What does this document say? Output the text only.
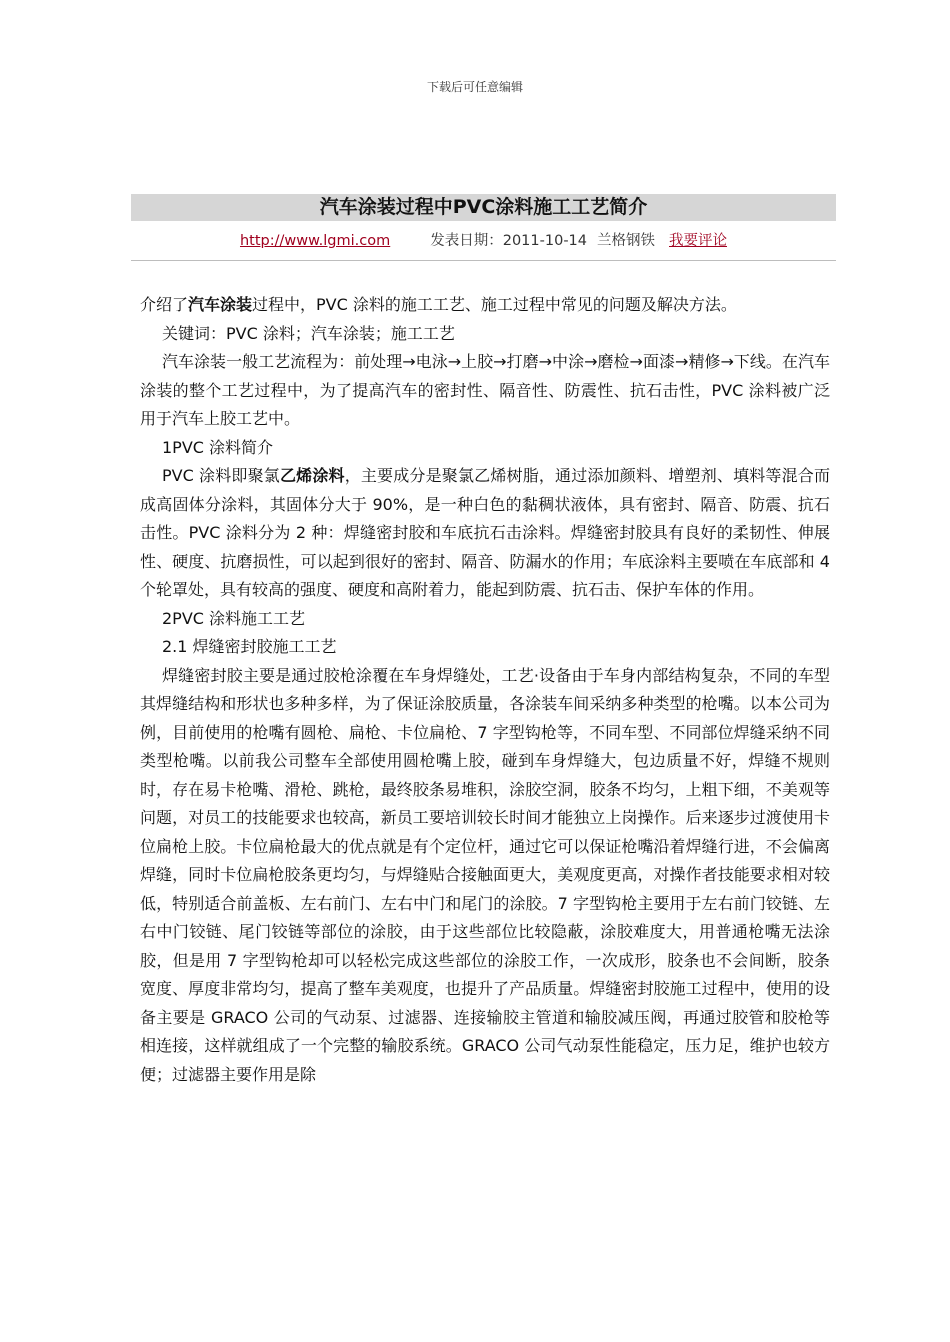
下载后可任意编辑
汽车涂装过程中PVC涂料施工工艺简介
http://www.lgmi.com	发表日期：2011-10-14 兰格钢铁 我要评论

介绍了汽车涂装过程中，PVC 涂料的施工工艺、施工过程中常见的问题及解决方法。

关键词：PVC 涂料；汽车涂装；施工工艺

汽车涂装一般工艺流程为：前处理→电泳→上胶→打磨→中涂→磨检→面漆→精修→下线。在汽车涂装的整个工艺过程中，为了提高汽车的密封性、隔音性、防震性、抗石击性，PVC 涂料被广泛用于汽车上胶工艺中。

1PVC 涂料简介

PVC 涂料即聚氯乙烯涂料，主要成分是聚氯乙烯树脂，通过添加颜料、增塑剂、填料等混合而成高固体分涂料，其固体分大于 90%，是一种白色的黏稠状液体，具有密封、隔音、防震、抗石击性。PVC 涂料分为 2 种：焊缝密封胶和车底抗石击涂料。焊缝密封胶具有良好的柔韧性、伸展性、硬度、抗磨损性，可以起到很好的密封、隔音、防漏水的作用；车底涂料主要喷在车底部和 4 个轮罩处，具有较高的强度、硬度和高附着力，能起到防震、抗石击、保护车体的作用。

2PVC 涂料施工工艺

2.1 焊缝密封胶施工工艺

焊缝密封胶主要是通过胶枪涂覆在车身焊缝处，工艺·设备由于车身内部结构复杂，不同的车型其焊缝结构和形状也多种多样，为了保证涂胶质量，各涂装车间采纳多种类型的枪嘴。以本公司为例，目前使用的枪嘴有圆枪、扁枪、卡位扁枪、7 字型钩枪等，不同车型、不同部位焊缝采纳不同类型枪嘴。以前我公司整车全部使用圆枪嘴上胶，碰到车身焊缝大，包边质量不好，焊缝不规则时，存在易卡枪嘴、滑枪、跳枪，最终胶条易堆积，涂胶空洞，胶条不均匀，上粗下细，不美观等问题，对员工的技能要求也较高，新员工要培训较长时间才能独立上岗操作。后来逐步过渡使用卡位扁枪上胶。卡位扁枪最大的优点就是有个定位杆，通过它可以保证枪嘴沿着焊缝行进，不会偏离焊缝，同时卡位扁枪胶条更均匀，与焊缝贴合接触面更大，美观度更高，对操作者技能要求相对较低，特别适合前盖板、左右前门、左右中门和尾门的涂胶。7 字型钩枪主要用于左右前门铰链、左右中门铰链、尾门铰链等部位的涂胶，由于这些部位比较隐蔽，涂胶难度大，用普通枪嘴无法涂胶，但是用 7 字型钩枪却可以轻松完成这些部位的涂胶工作，一次成形，胶条也不会间断，胶条宽度、厚度非常均匀，提高了整车美观度，也提升了产品质量。焊缝密封胶施工过程中，使用的设备主要是 GRACO 公司的气动泵、过滤器、连接输胶主管道和输胶减压阀，再通过胶管和胶枪等相连接，这样就组成了一个完整的输胶系统。GRACO 公司气动泵性能稳定，压力足，维护也较方便；过滤器主要作用是除
